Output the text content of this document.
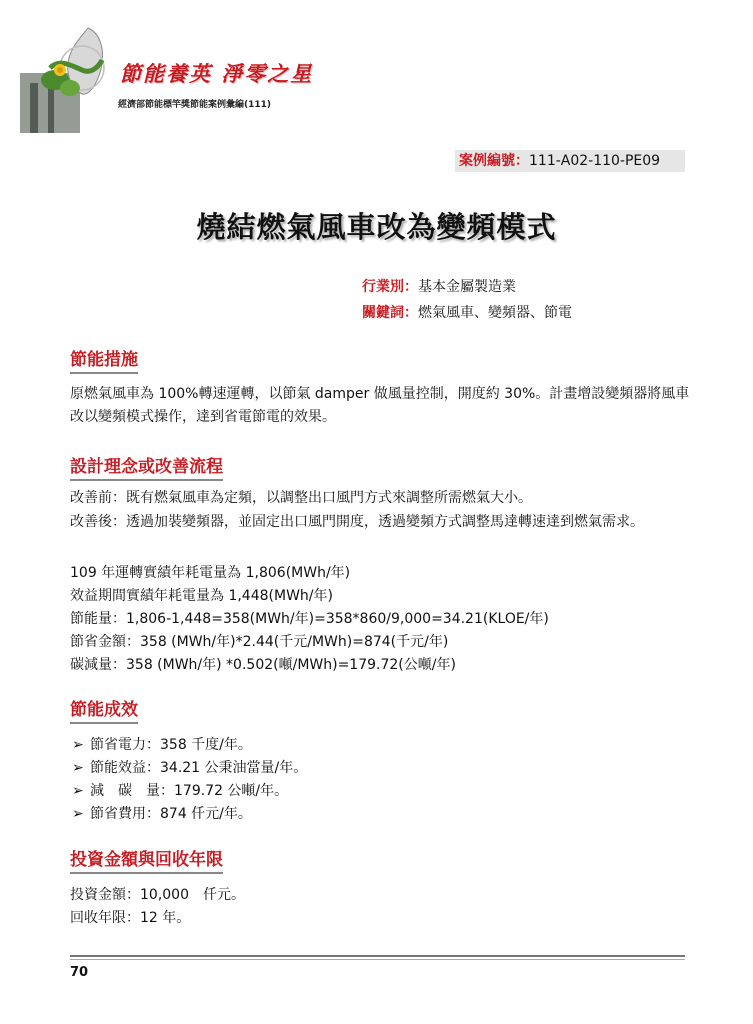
節能養英 淨零之星
經濟部節能標竿獎節能案例彙編(111)
案例編號：111-A02-110-PE09
燒結燃氣風車改為變頻模式
行業別：基本金屬製造業
關鍵詞：燃氣風車、變頻器、節電
節能措施
原燃氣風車為 100%轉速運轉，以節氣 damper 做風量控制，開度約 30%。計畫增設變頻器將風車改以變頻模式操作，達到省電節電的效果。
設計理念或改善流程
改善前：既有燃氣風車為定頻，以調整出口風門方式來調整所需燃氣大小。
改善後：透過加裝變頻器，並固定出口風門開度，透過變頻方式調整馬達轉速達到燃氣需求。
109 年運轉實績年耗電量為 1,806(MWh/年)
效益期間實績年耗電量為 1,448(MWh/年)
節能量：1,806-1,448=358(MWh/年)=358*860/9,000=34.21(KLOE/年)
節省金額：358 (MWh/年)*2.44(千元/MWh)=874(千元/年)
碳減量：358 (MWh/年) *0.502(噸/MWh)=179.72(公噸/年)
節能成效
➢ 節省電力：358 千度/年。
➢ 節能效益：34.21 公秉油當量/年。
➢ 減　碳　量：179.72 公噸/年。
➢ 節省費用：874 仟元/年。
投資金額與回收年限
投資金額：10,000　仟元。
回收年限：12 年。
70
